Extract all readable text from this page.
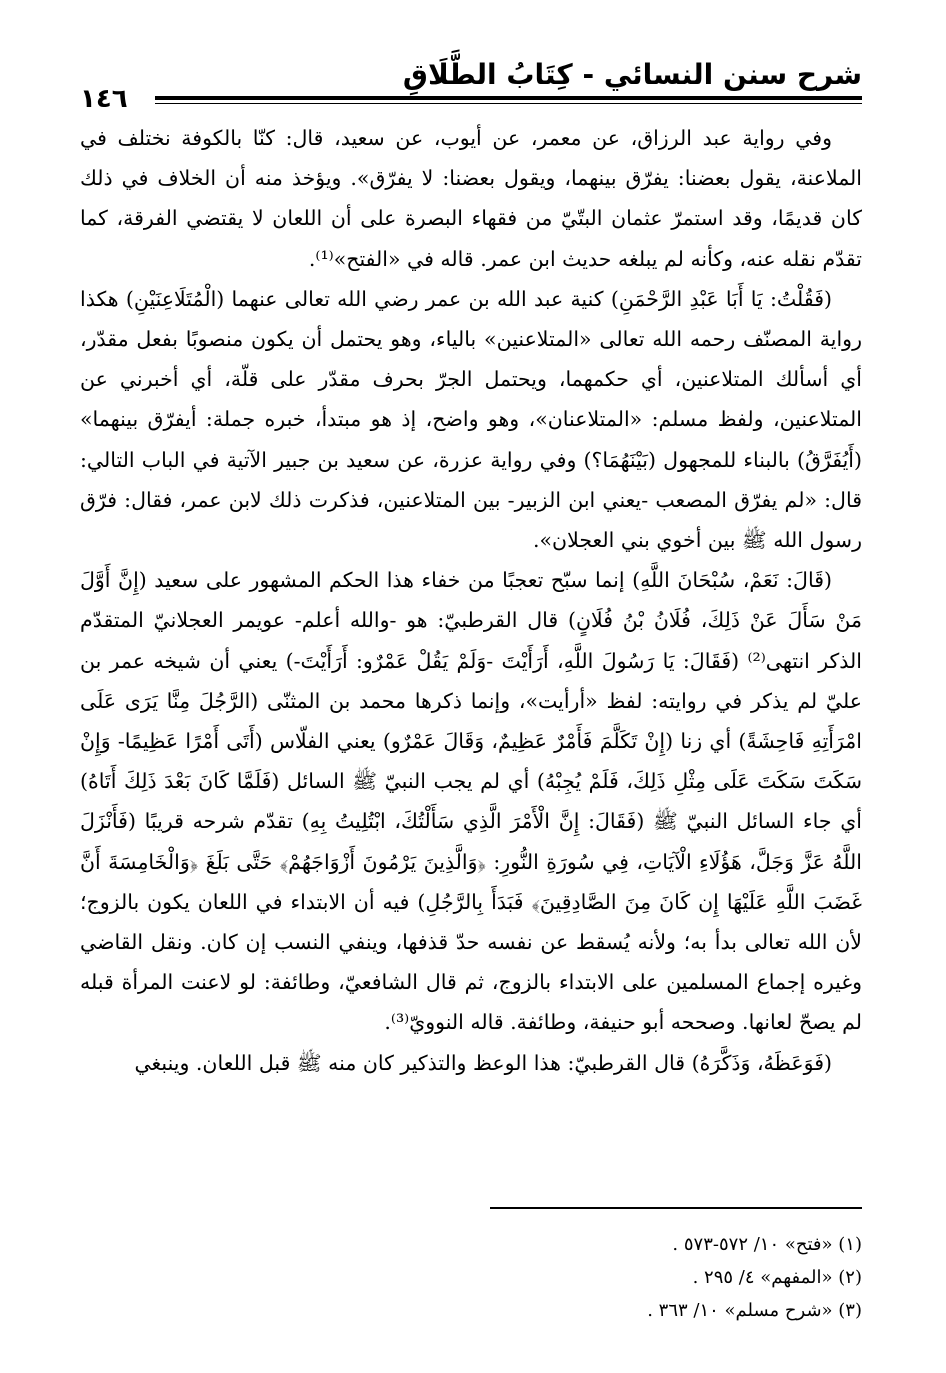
شرح سنن النسائي - كِتَابُ الطَّلَاقِ
١٤٦

وفي رواية عبد الرزاق، عن معمر، عن أيوب، عن سعيد، قال: كنّا بالكوفة نختلف في الملاعنة، يقول بعضنا: يفرّق بينهما، ويقول بعضنا: لا يفرّق». ويؤخذ منه أن الخلاف في ذلك كان قديمًا، وقد استمرّ عثمان البتّيّ من فقهاء البصرة على أن اللعان لا يقتضي الفرقة، كما تقدّم نقله عنه، وكأنه لم يبلغه حديث ابن عمر. قاله في «الفتح»⁽¹⁾.

(فَقُلْتُ: يَا أَبَا عَبْدِ الرَّحْمَنِ) كنية عبد الله بن عمر رضي الله تعالى عنهما (الْمُتَلَاعِنَيْنِ) هكذا رواية المصنّف رحمه الله تعالى «المتلاعنين» بالياء، وهو يحتمل أن يكون منصوبًا بفعل مقدّر، أي أسألك المتلاعنين، أي حكمهما، ويحتمل الجرّ بحرف مقدّر على قلّة، أي أخبرني عن المتلاعنين، ولفظ مسلم: «المتلاعنان»، وهو واضح، إذ هو مبتدأ، خبره جملة: أيفرّق بينهما» (أَيُفَرَّقُ) بالبناء للمجهول (بَيْنَهُمَا؟) وفي رواية عزرة، عن سعيد بن جبير الآتية في الباب التالي: قال: «لم يفرّق المصعب -يعني ابن الزبير- بين المتلاعنين، فذكرت ذلك لابن عمر، فقال: فرّق رسول الله ﷺ بين أخوي بني العجلان».

(قَالَ: نَعَمْ، سُبْحَانَ اللَّهِ) إنما سبّح تعجبًا من خفاء هذا الحكم المشهور على سعيد (إِنَّ أَوَّلَ مَنْ سَأَلَ عَنْ ذَلِكَ، فُلَانُ بْنُ فُلَانٍ) قال القرطبيّ: هو -والله أعلم- عويمر العجلانيّ المتقدّم الذكر انتهى⁽²⁾ (فَقَالَ: يَا رَسُولَ اللَّهِ، أَرَأَيْتَ -وَلَمْ يَقُلْ عَمْرٌو: أَرَأَيْتَ-) يعني أن شيخه عمر بن عليّ لم يذكر في روايته: لفظ «أرأيت»، وإنما ذكرها محمد بن المثنّى (الرَّجُلَ مِنَّا يَرَى عَلَى امْرَأَتِهِ فَاحِشَةً) أي زنا (إِنْ تَكَلَّمَ فَأَمْرٌ عَظِيمٌ، وَقَالَ عَمْرٌو) يعني الفلّاس (أَتَى أَمْرًا عَظِيمًا- وَإِنْ سَكَتَ سَكَتَ عَلَى مِثْلِ ذَلِكَ، فَلَمْ يُجِبْهُ) أي لم يجب النبيّ ﷺ السائل (فَلَمَّا كَانَ بَعْدَ ذَلِكَ أَتَاهُ) أي جاء السائل النبيّ ﷺ (فَقَالَ: إِنَّ الْأَمْرَ الَّذِي سَأَلْتُكَ، ابْتُلِيتُ بِهِ) تقدّم شرحه قريبًا (فَأَنْزَلَ اللَّهُ عَزَّ وَجَلَّ، هَؤُلَاءِ الْآيَاتِ، فِي سُورَةِ النُّورِ: ﴿وَالَّذِينَ يَرْمُونَ أَزْوَاجَهُمْ﴾ حَتَّى بَلَغَ ﴿وَالْخَامِسَةَ أَنَّ غَضَبَ اللَّهِ عَلَيْهَا إِن كَانَ مِنَ الصَّادِقِينَ﴾ فَبَدَأَ بِالرَّجُلِ) فيه أن الابتداء في اللعان يكون بالزوج؛ لأن الله تعالى بدأ به؛ ولأنه يُسقط عن نفسه حدّ قذفها، وينفي النسب إن كان. ونقل القاضي وغيره إجماع المسلمين على الابتداء بالزوج، ثم قال الشافعيّ، وطائفة: لو لاعنت المرأة قبله لم يصحّ لعانها. وصححه أبو حنيفة، وطائفة. قاله النوويّ⁽³⁾.

(فَوَعَظَهُ، وَذَكَّرَهُ) قال القرطبيّ: هذا الوعظ والتذكير كان منه ﷺ قبل اللعان. وينبغي

(١) «فتح» ١٠/ ٥٧٢-٥٧٣ .
(٢) «المفهم» ٤/ ٢٩٥ .
(٣) «شرح مسلم» ١٠/ ٣٦٣ .
